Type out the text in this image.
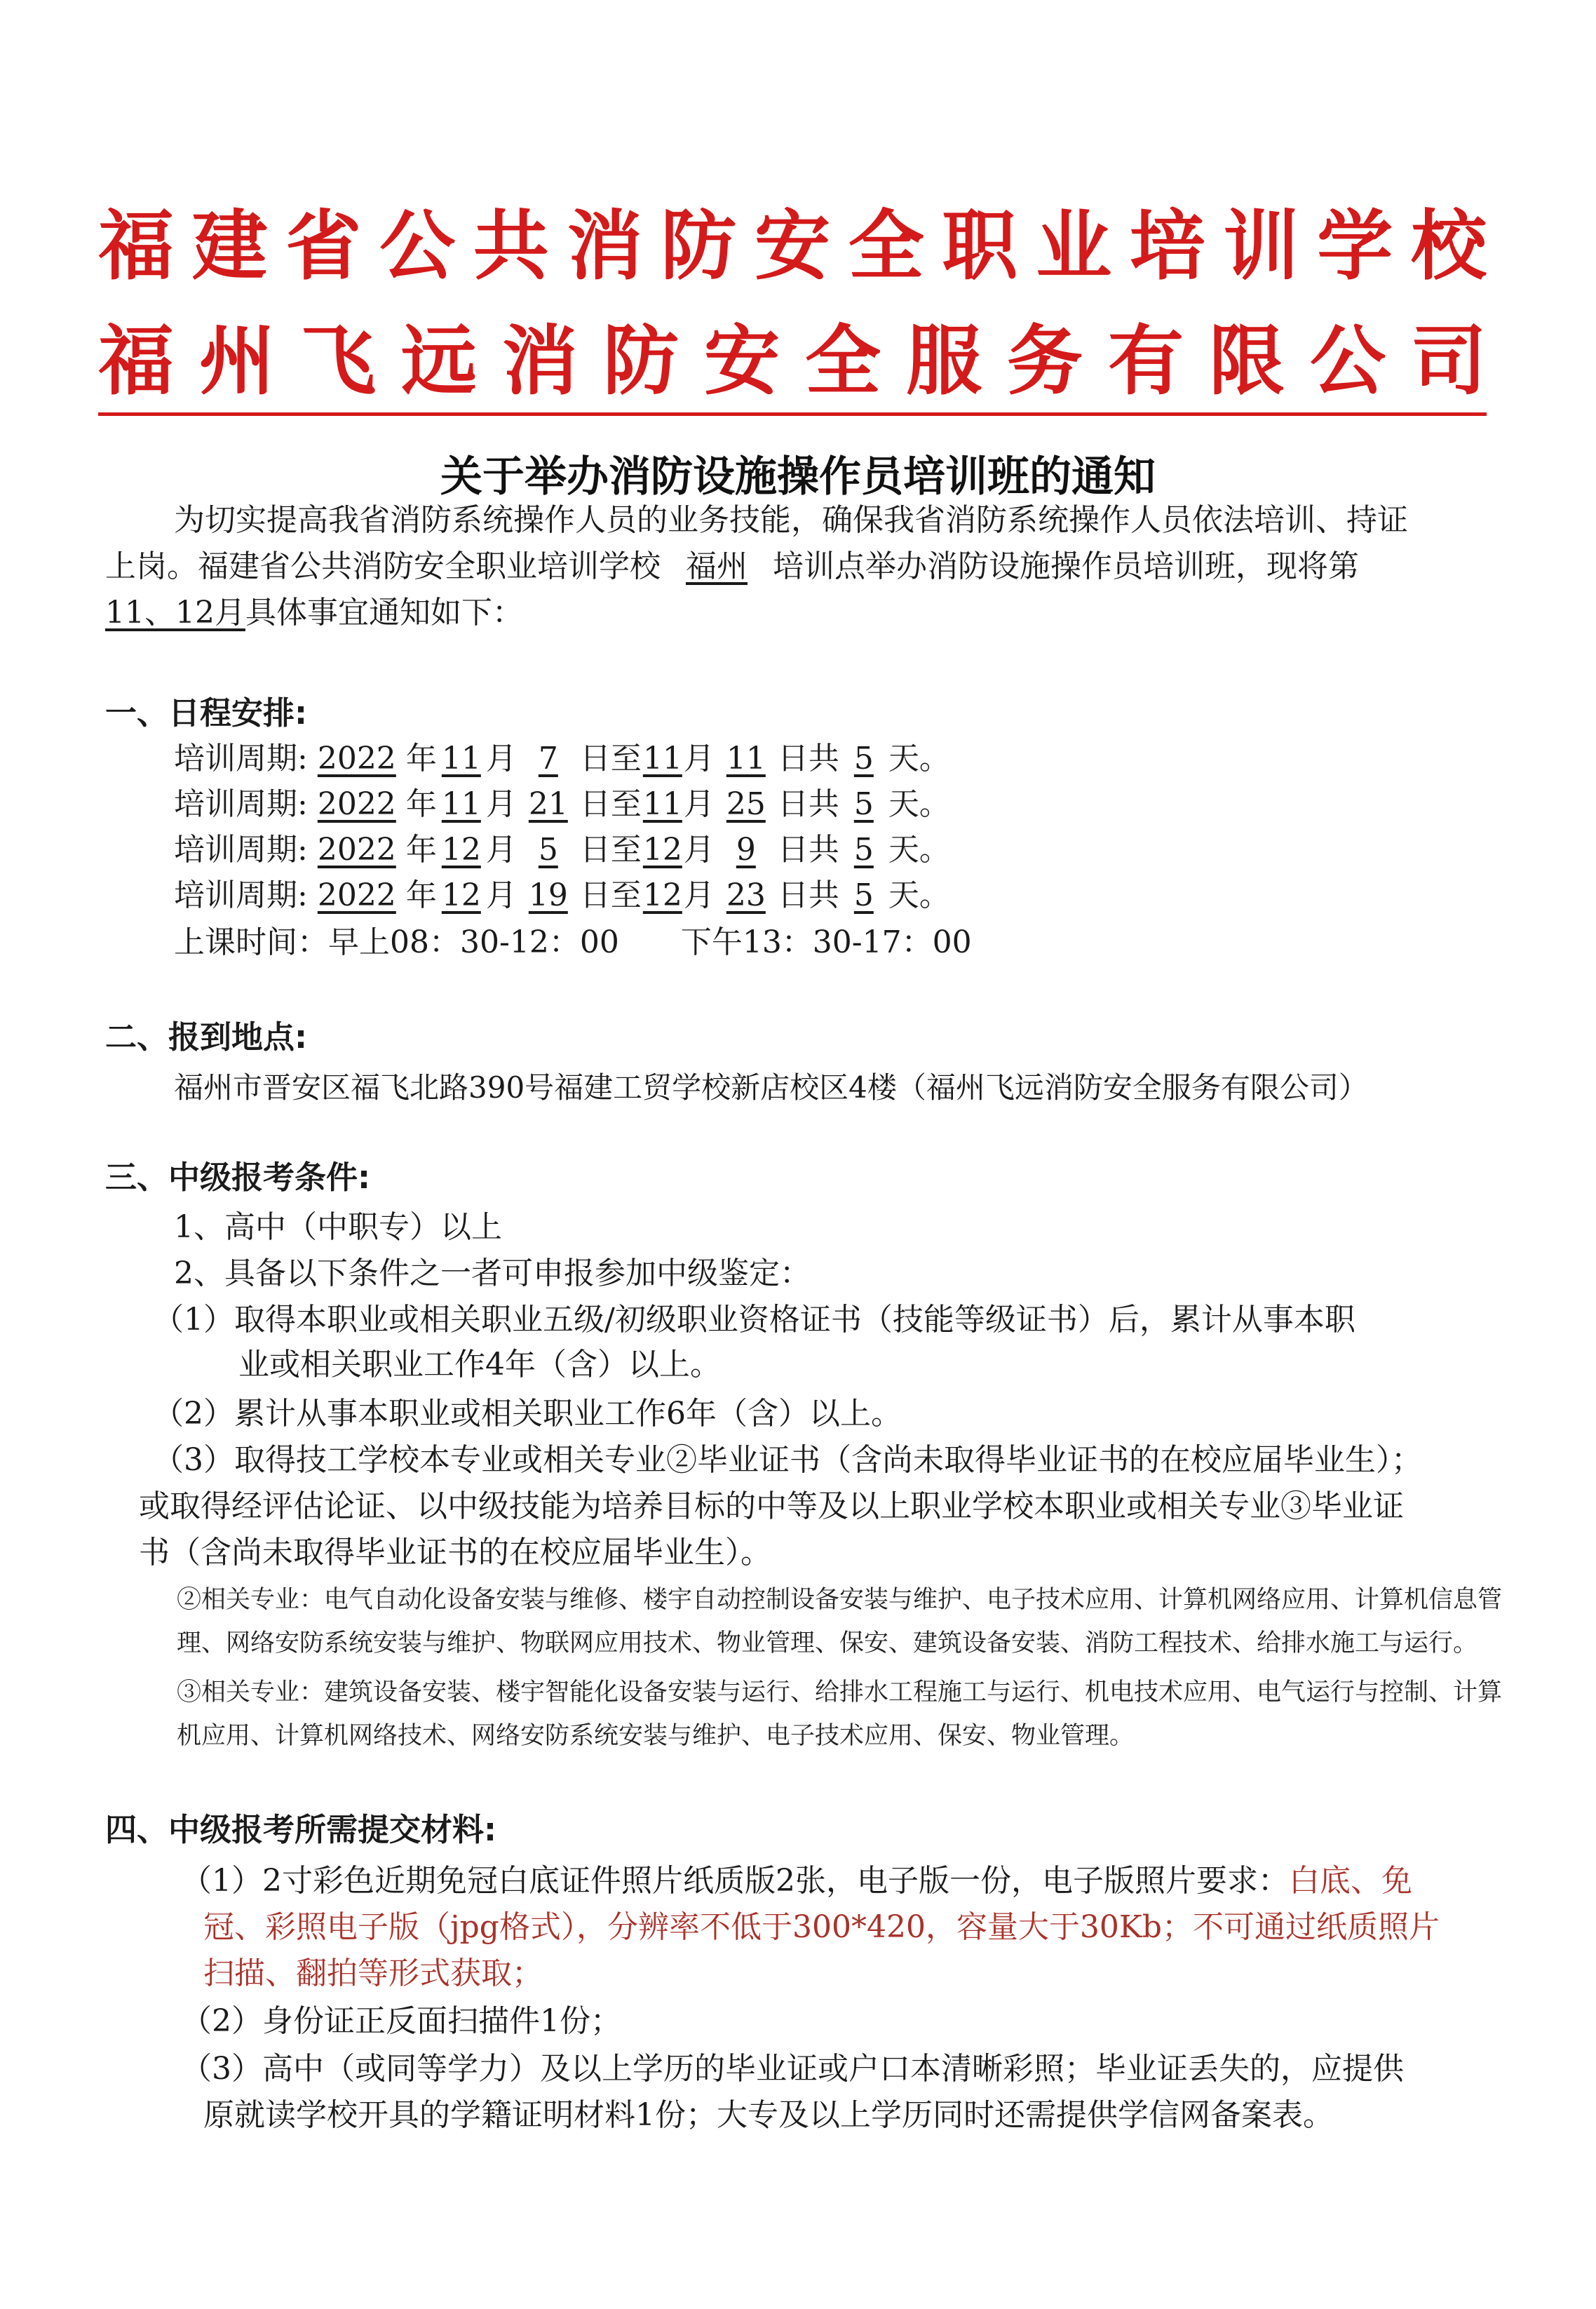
福建省公共消防安全职业培训学校
福州飞远消防安全服务有限公司
关于举办消防设施操作员培训班的通知
为切实提高我省消防系统操作人员的业务技能，确保我省消防系统操作人员依法培训、持证
上岗。福建省公共消防安全职业培训学校 福州 培训点举办消防设施操作员培训班，现将第
11、12月具体事宜通知如下：
一、日程安排:
培训周期: 2022 年 11 月 7 日至11月 11 日共 5 天。
培训周期: 2022 年 11 月 21 日至11月 25 日共 5 天。
培训周期: 2022 年 12 月 5 日至12月 9 日共 5 天。
培训周期: 2022 年 12 月 19 日至12月 23 日共 5 天。
上课时间：早上08：30-12：00　　下午13：30-17：00
二、报到地点:
福州市晋安区福飞北路390号福建工贸学校新店校区4楼（福州飞远消防安全服务有限公司）
三、中级报考条件:
1、高中（中职专）以上
2、具备以下条件之一者可申报参加中级鉴定：
（1）取得本职业或相关职业五级/初级职业资格证书（技能等级证书）后，累计从事本职
业或相关职业工作4年（含）以上。
（2）累计从事本职业或相关职业工作6年（含）以上。
（3）取得技工学校本专业或相关专业②毕业证书（含尚未取得毕业证书的在校应届毕业生）；
或取得经评估论证、以中级技能为培养目标的中等及以上职业学校本职业或相关专业③毕业证
书（含尚未取得毕业证书的在校应届毕业生）。
②相关专业：电气自动化设备安装与维修、楼宇自动控制设备安装与维护、电子技术应用、计算机网络应用、计算机信息管
理、网络安防系统安装与维护、物联网应用技术、物业管理、保安、建筑设备安装、消防工程技术、给排水施工与运行。
③相关专业：建筑设备安装、楼宇智能化设备安装与运行、给排水工程施工与运行、机电技术应用、电气运行与控制、计算
机应用、计算机网络技术、网络安防系统安装与维护、电子技术应用、保安、物业管理。
四、中级报考所需提交材料:
（1）2寸彩色近期免冠白底证件照片纸质版2张，电子版一份，电子版照片要求：白底、免
冠、彩照电子版（jpg格式），分辨率不低于300*420，容量大于30Kb；不可通过纸质照片
扫描、翻拍等形式获取；
（2）身份证正反面扫描件1份；
（3）高中（或同等学力）及以上学历的毕业证或户口本清晰彩照；毕业证丢失的，应提供
原就读学校开具的学籍证明材料1份；大专及以上学历同时还需提供学信网备案表。
